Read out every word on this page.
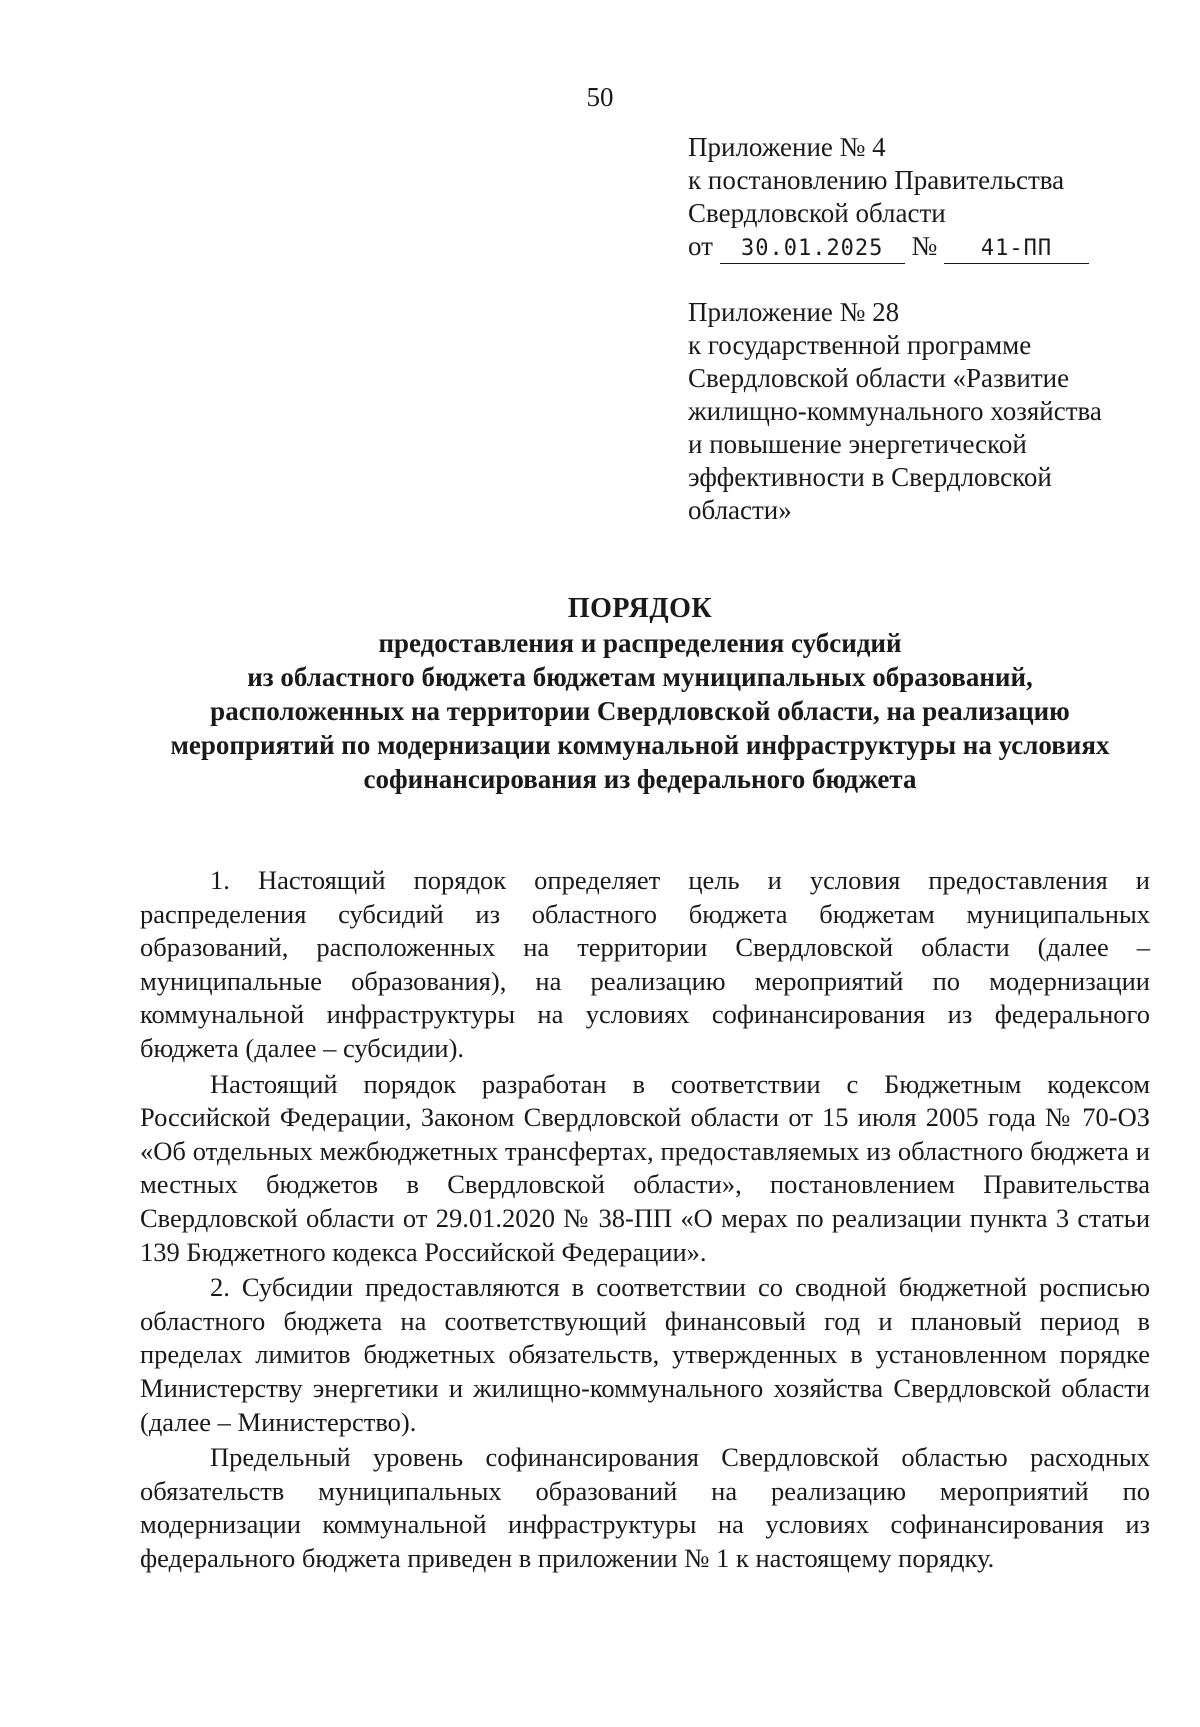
50
Приложение № 4
к постановлению Правительства
Свердловской области
от 30.01.2025 № 41-ПП
Приложение № 28
к государственной программе
Свердловской области «Развитие
жилищно-коммунального хозяйства
и повышение энергетической
эффективности в Свердловской
области»
ПОРЯДОК
предоставления и распределения субсидий
из областного бюджета бюджетам муниципальных образований,
расположенных на территории Свердловской области, на реализацию
мероприятий по модернизации коммунальной инфраструктуры на условиях
софинансирования из федерального бюджета

1. Настоящий порядок определяет цель и условия предоставления и распределения субсидий из областного бюджета бюджетам муниципальных образований, расположенных на территории Свердловской области (далее – муниципальные образования), на реализацию мероприятий по модернизации коммунальной инфраструктуры на условиях софинансирования из федерального бюджета (далее – субсидии).

Настоящий порядок разработан в соответствии с Бюджетным кодексом Российской Федерации, Законом Свердловской области от 15 июля 2005 года № 70-ОЗ «Об отдельных межбюджетных трансфертах, предоставляемых из областного бюджета и местных бюджетов в Свердловской области», постановлением Правительства Свердловской области от 29.01.2020 № 38-ПП «О мерах по реализации пункта 3 статьи 139 Бюджетного кодекса Российской Федерации».

2. Субсидии предоставляются в соответствии со сводной бюджетной росписью областного бюджета на соответствующий финансовый год и плановый период в пределах лимитов бюджетных обязательств, утвержденных в установленном порядке Министерству энергетики и жилищно-коммунального хозяйства Свердловской области (далее – Министерство).

Предельный уровень софинансирования Свердловской областью расходных обязательств муниципальных образований на реализацию мероприятий по модернизации коммунальной инфраструктуры на условиях софинансирования из федерального бюджета приведен в приложении № 1 к настоящему порядку.
